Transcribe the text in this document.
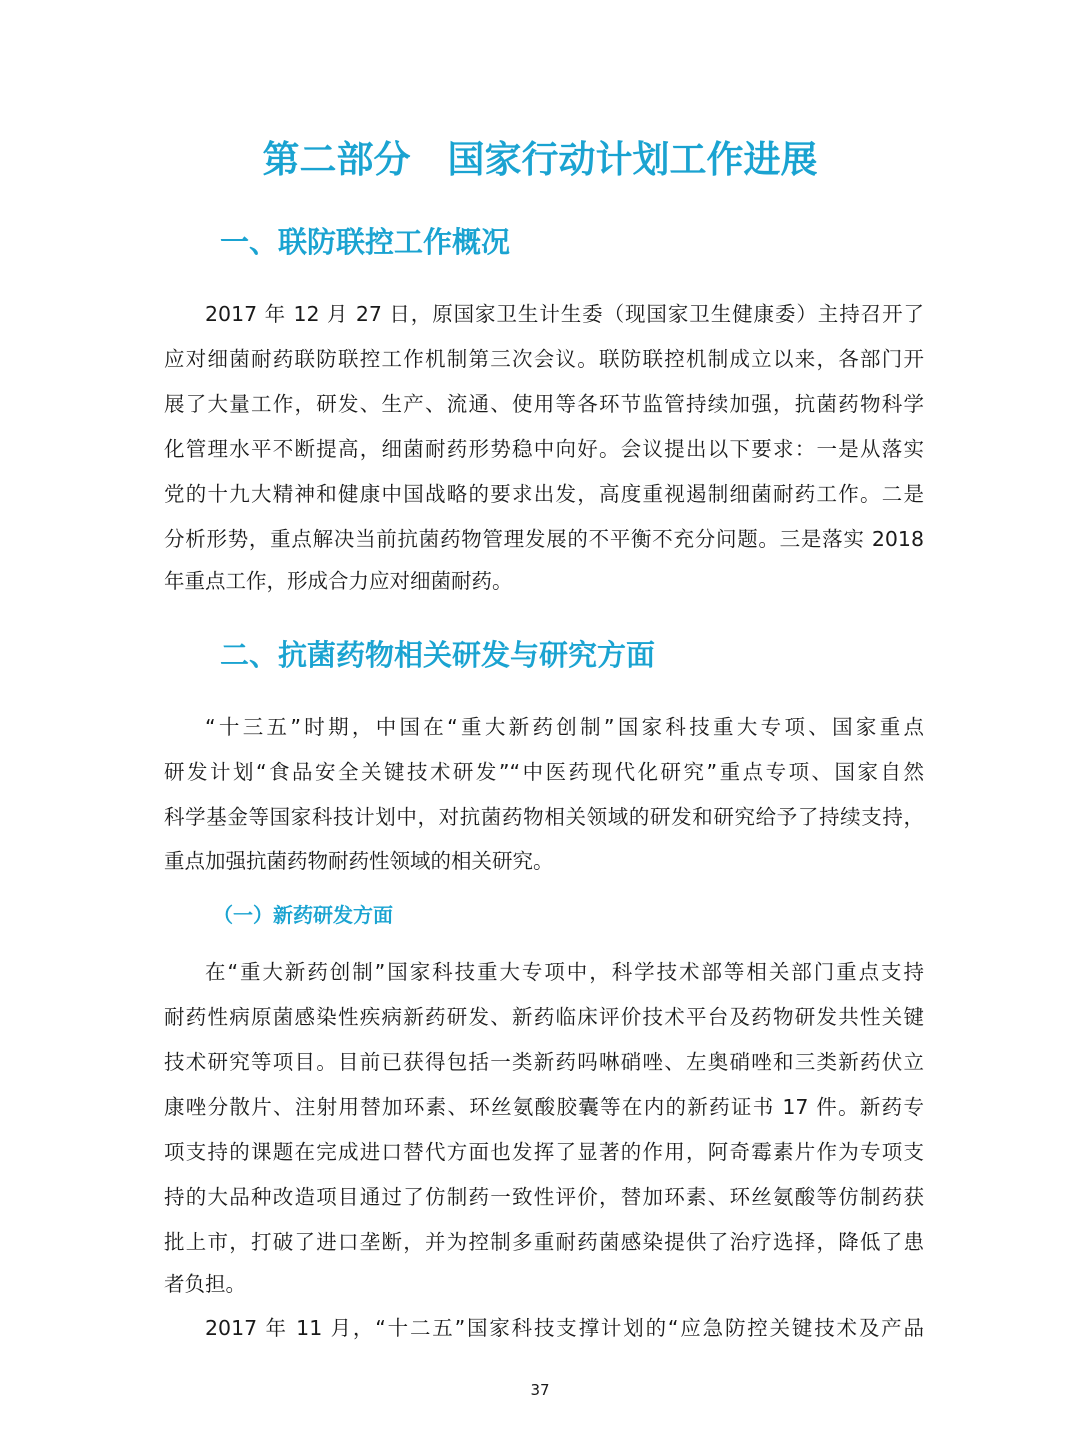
第二部分　国家行动计划工作进展
一、联防联控工作概况
2017 年 12 月 27 日，原国家卫生计生委（现国家卫生健康委）主持召开了
应对细菌耐药联防联控工作机制第三次会议。联防联控机制成立以来，各部门开
展了大量工作，研发、生产、流通、使用等各环节监管持续加强，抗菌药物科学
化管理水平不断提高，细菌耐药形势稳中向好。会议提出以下要求：一是从落实
党的十九大精神和健康中国战略的要求出发，高度重视遏制细菌耐药工作。二是
分析形势，重点解决当前抗菌药物管理发展的不平衡不充分问题。三是落实 2018
年重点工作，形成合力应对细菌耐药。
二、抗菌药物相关研发与研究方面
“十三五”时期，中国在“重大新药创制”国家科技重大专项、国家重点
研发计划“食品安全关键技术研发”“中医药现代化研究”重点专项、国家自然
科学基金等国家科技计划中，对抗菌药物相关领域的研发和研究给予了持续支持，
重点加强抗菌药物耐药性领域的相关研究。
（一）新药研发方面
在“重大新药创制”国家科技重大专项中，科学技术部等相关部门重点支持
耐药性病原菌感染性疾病新药研发、新药临床评价技术平台及药物研发共性关键
技术研究等项目。目前已获得包括一类新药吗啉硝唑、左奥硝唑和三类新药伏立
康唑分散片、注射用替加环素、环丝氨酸胶囊等在内的新药证书 17 件。新药专
项支持的课题在完成进口替代方面也发挥了显著的作用，阿奇霉素片作为专项支
持的大品种改造项目通过了仿制药一致性评价，替加环素、环丝氨酸等仿制药获
批上市，打破了进口垄断，并为控制多重耐药菌感染提供了治疗选择，降低了患
者负担。
2017 年 11 月，“十二五”国家科技支撑计划的“应急防控关键技术及产品
37
